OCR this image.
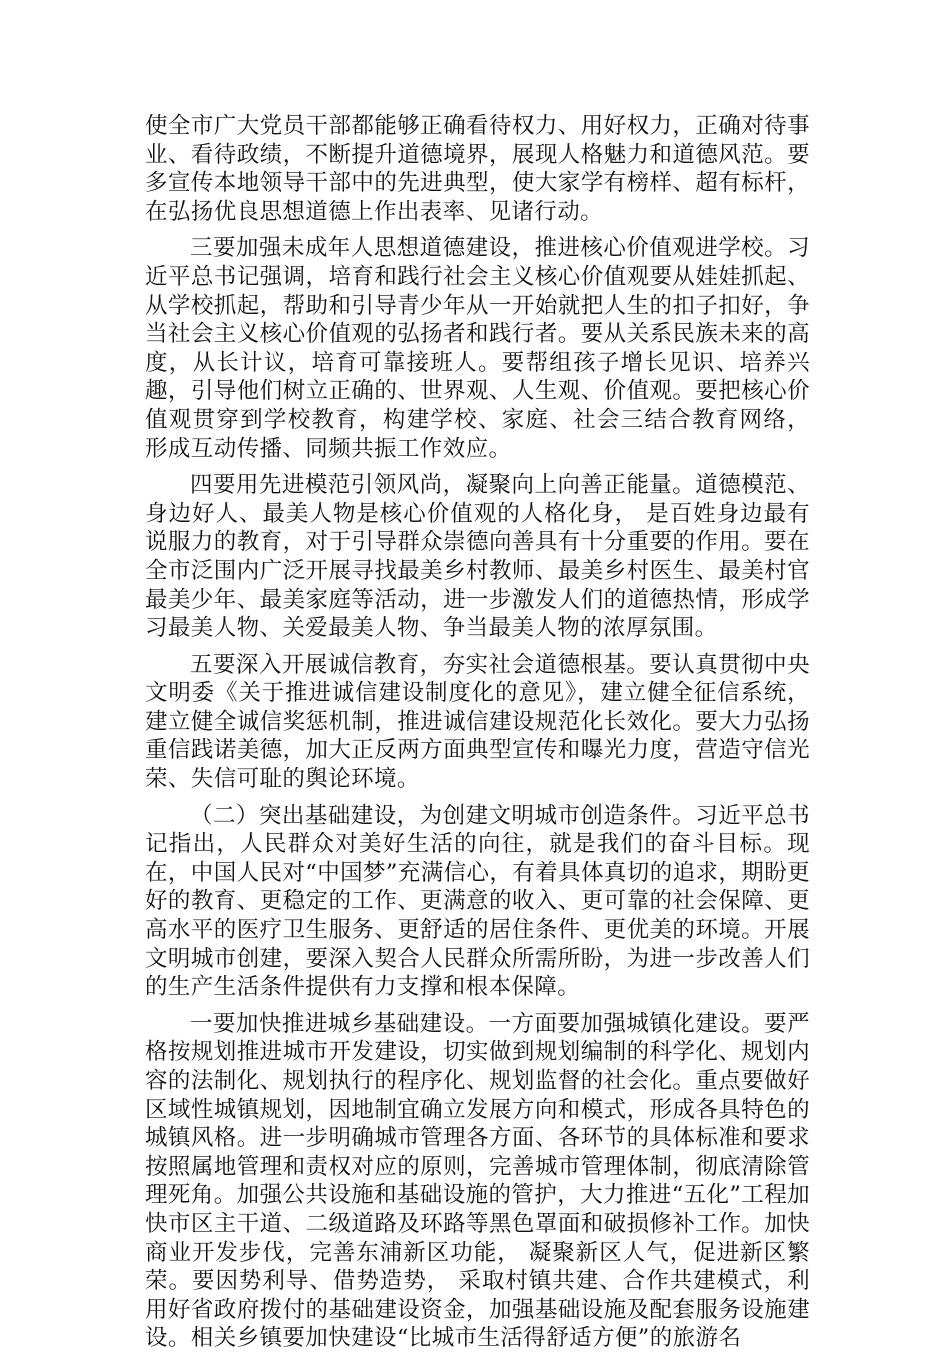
使全市广大党员干部都能够正确看待权力、用好权力，正确对待事业、看待政绩，不断提升道德境界，展现人格魅力和道德风范。要多宣传本地领导干部中的先进典型，使大家学有榜样、超有标杆，在弘扬优良思想道德上作出表率、见诸行动。

三要加强未成年人思想道德建设，推进核心价值观进学校。习近平总书记强调，培育和践行社会主义核心价值观要从娃娃抓起、从学校抓起，帮助和引导青少年从一开始就把人生的扣子扣好，争当社会主义核心价值观的弘扬者和践行者。要从关系民族未来的高度，从长计议，培育可靠接班人。要帮组孩子增长见识、培养兴趣，引导他们树立正确的、世界观、人生观、价值观。要把核心价值观贯穿到学校教育，构建学校、家庭、社会三结合教育网络， 形成互动传播、同频共振工作效应。

四要用先进模范引领风尚，凝聚向上向善正能量。道德模范、身边好人、最美人物是核心价值观的人格化身， 是百姓身边最有说服力的教育，对于引导群众崇德向善具有十分重要的作用。要在全市泛围内广泛开展寻找最美乡村教师、最美乡村医生、最美村官最美少年、最美家庭等活动，进一步激发人们的道德热情，形成学习最美人物、关爱最美人物、争当最美人物的浓厚氛围。

五要深入开展诚信教育，夯实社会道德根基。要认真贯彻中央文明委《关于推进诚信建设制度化的意见》，建立健全征信系统，建立健全诚信奖惩机制，推进诚信建设规范化长效化。要大力弘扬重信践诺美德，加大正反两方面典型宣传和曝光力度，营造守信光荣、失信可耻的舆论环境。

（二）突出基础建设，为创建文明城市创造条件。习近平总书记指出，人民群众对美好生活的向往，就是我们的奋斗目标。现在，中国人民对“中国梦”充满信心，有着具体真切的追求，期盼更好的教育、更稳定的工作、更满意的收入、更可靠的社会保障、更高水平的医疗卫生服务、更舒适的居住条件、更优美的环境。开展文明城市创建，要深入契合人民群众所需所盼，为进一步改善人们的生产生活条件提供有力支撑和根本保障。

一要加快推进城乡基础建设。一方面要加强城镇化建设。要严格按规划推进城市开发建设，切实做到规划编制的科学化、规划内容的法制化、规划执行的程序化、规划监督的社会化。重点要做好区域性城镇规划，因地制宜确立发展方向和模式，形成各具特色的城镇风格。进一步明确城市管理各方面、各环节的具体标准和要求按照属地管理和责权对应的原则，完善城市管理体制，彻底清除管理死角。加强公共设施和基础设施的管护，大力推进“五化”工程加快市区主干道、二级道路及环路等黑色罩面和破损修补工作。加快商业开发步伐，完善东浦新区功能， 凝聚新区人气，促进新区繁荣。要因势利导、借势造势， 采取村镇共建、合作共建模式，利用好省政府拨付的基础建设资金，加强基础设施及配套服务设施建设。相关乡镇要加快建设“比城市生活得舒适方便”的旅游名
